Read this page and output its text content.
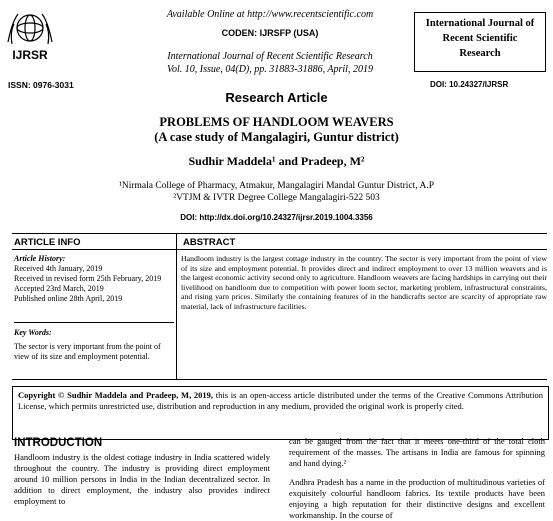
IJRSR
ISSN: 0976-3031
Available Online at http://www.recentscientific.com
CODEN: IJRSFP (USA)
International Journal of Recent Scientific Research
Vol. 10, Issue, 04(D), pp. 31883-31886, April, 2019
International Journal of
Recent Scientific
Research
DOI: 10.24327/IJRSR
Research Article
PROBLEMS OF HANDLOOM WEAVERS
(A case study of Mangalagiri, Guntur district)
Sudhir Maddela¹ and Pradeep, M²
¹Nirmala College of Pharmacy, Atmakur, Mangalagiri Mandal Guntur District, A.P
²VTJM & IVTR Degree College Mangalagiri-522 503
DOI: http://dx.doi.org/10.24327/ijrsr.2019.1004.3356
ARTICLE INFO	ABSTRACT
Article History:
Received 4th January, 2019
Received in revised form 25th February, 2019
Accepted 23rd March, 2019
Published online 28th April, 2019
Key Words:
The sector is very important from the point of view of its size and employment potential.
Handloom industry is the largest cottage industry in the country. The sector is very important from the point of view of its size and employment potential. It provides direct and indirect employment to over 13 million weavers and is the largest economic activity second only to agriculture. Handloom weavers are facing hardships in carrying out their livelihood on handloom due to competition with power loom sector, marketing problem, infrastructural constraints, and rising yarn prices. Similarly the containing features of in the handicrafts sector are scarcity of appropriate raw material, lack of infrastructure facilities.
Copyright © Sudhir Maddela and Pradeep, M, 2019, this is an open-access article distributed under the terms of the Creative Commons Attribution License, which permits unrestricted use, distribution and reproduction in any medium, provided the original work is properly cited.
INTRODUCTION

Handloom industry is the oldest cottage industry in India scattered widely throughout the country. The industry is providing direct employment around 10 million persons in India in the Indian decentralized sector. In addition to direct employment, the industry also provides indirect employment to

can be gauged from the fact that it meets one-third of the total cloth requirement of the masses. The artisans in India are famous for spinning and hand dying.²

Andhra Pradesh has a name in the production of multitudinous varieties of exquisitely colourful handloom fabrics. Its textile products have been enjoying a high reputation for their distinctive designs and excellent workmanship. In the course of
